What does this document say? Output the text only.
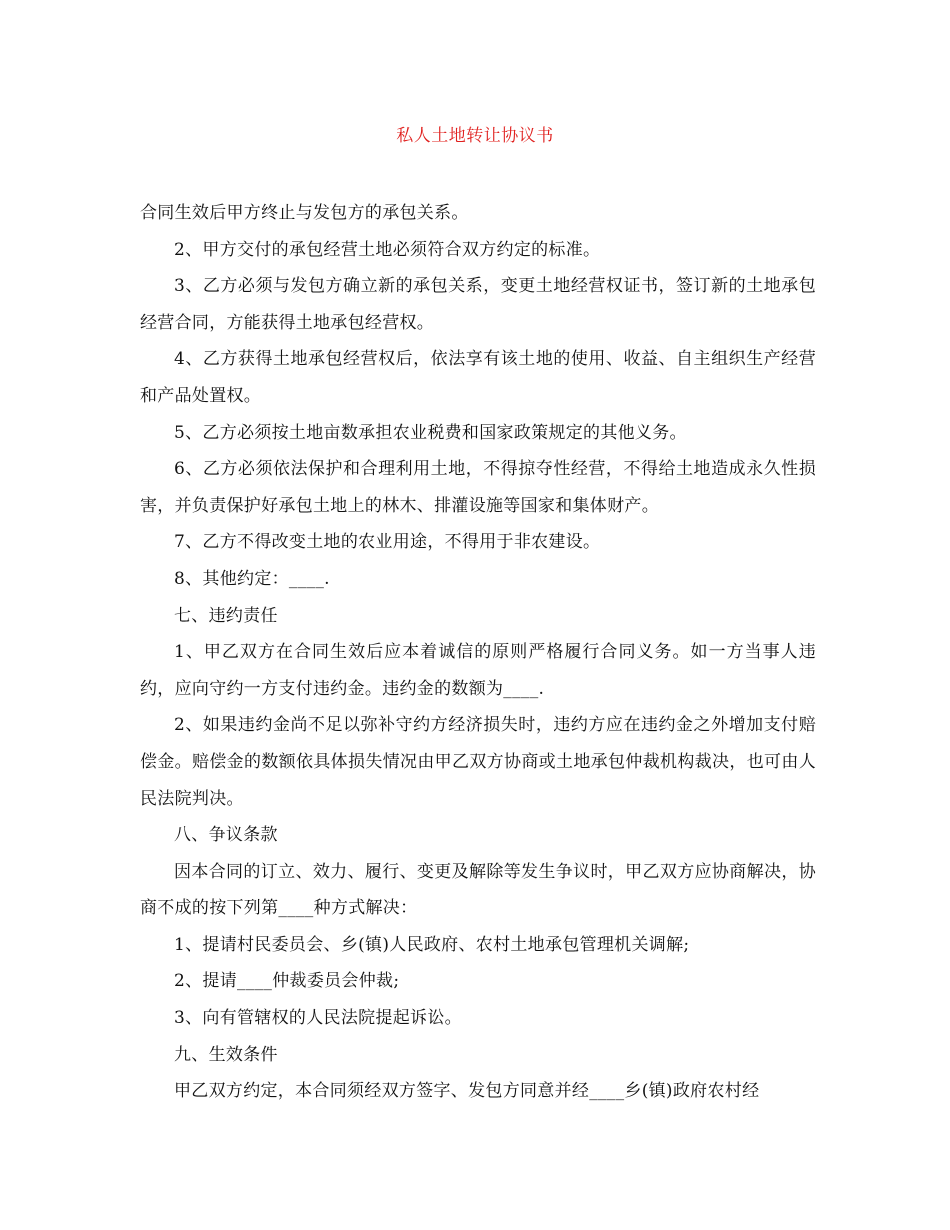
私人土地转让协议书

合同生效后甲方终止与发包方的承包关系。

2、甲方交付的承包经营土地必须符合双方约定的标准。

3、乙方必须与发包方确立新的承包关系，变更土地经营权证书，签订新的土地承包经营合同，方能获得土地承包经营权。

4、乙方获得土地承包经营权后，依法享有该土地的使用、收益、自主组织生产经营和产品处置权。

5、乙方必须按土地亩数承担农业税费和国家政策规定的其他义务。

6、乙方必须依法保护和合理利用土地，不得掠夺性经营，不得给土地造成永久性损害，并负责保护好承包土地上的林木、排灌设施等国家和集体财产。

7、乙方不得改变土地的农业用途，不得用于非农建设。

8、其他约定：____.

七、违约责任

1、甲乙双方在合同生效后应本着诚信的原则严格履行合同义务。如一方当事人违约，应向守约一方支付违约金。违约金的数额为____.

2、如果违约金尚不足以弥补守约方经济损失时，违约方应在违约金之外增加支付赔偿金。赔偿金的数额依具体损失情况由甲乙双方协商或土地承包仲裁机构裁决，也可由人民法院判决。

八、争议条款

因本合同的订立、效力、履行、变更及解除等发生争议时，甲乙双方应协商解决，协商不成的按下列第____种方式解决：

1、提请村民委员会、乡(镇)人民政府、农村土地承包管理机关调解;

2、提请____仲裁委员会仲裁;

3、向有管辖权的人民法院提起诉讼。

九、生效条件

甲乙双方约定，本合同须经双方签字、发包方同意并经____乡(镇)政府农村经
